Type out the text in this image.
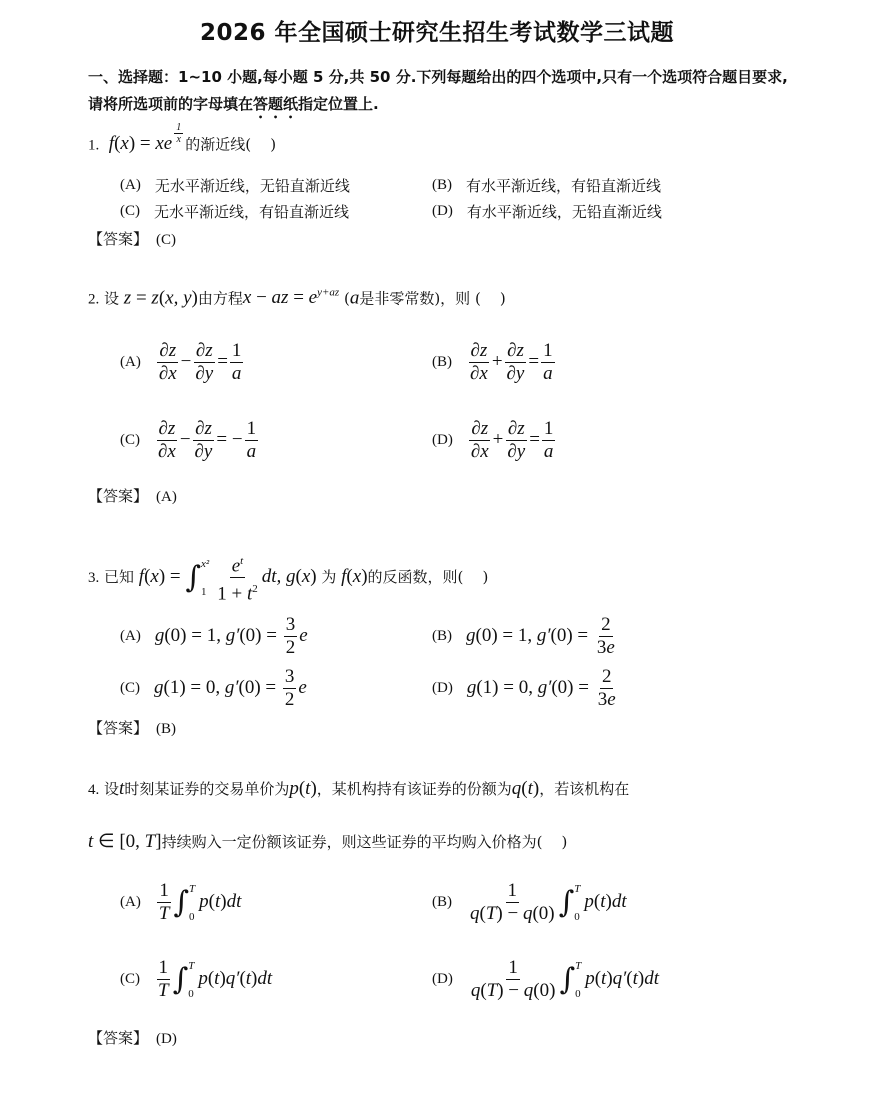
2026 年全国硕士研究生招生考试数学三试题
一、选择题：1~10 小题,每小题 5 分,共 50 分.下列每题给出的四个选项中,只有一个选项符合题目要求,请将所选项前的字母填在答题纸指定位置上.
1.  f(x) = xe $^{\frac{1}{x}}$ 的渐近线( )
(A) 无水平渐近线，无铅直渐近线	(B) 有水平渐近线，有铅直渐近线
(C) 无水平渐近线，有铅直渐近线	(D) 有水平渐近线，无铅直渐近线
【答案】 (C)
2. 设 z = z(x, y)由方程x − az = $e^{y+az}$ (a是非零常数)，则 ( )
$(A) \frac{\partial z}{\partial x} - \frac{\partial z}{\partial y} = \frac{1}{a}$	$(B) \frac{\partial z}{\partial x} + \frac{\partial z}{\partial y} = \frac{1}{a}$
$(C) \frac{\partial z}{\partial x} - \frac{\partial z}{\partial y}$ = − $\frac{1}{a}$	$(D) \frac{\partial z}{\partial x} + \frac{\partial z}{\partial y} = \frac{1}{a}$
【答案】 (A)
3. 已知 f(x) = ∫ x²
$1 \frac{e^t}{1 + t^2}$ dt, g(x) 为 f(x)的反函数，则( )
(A) g(0) = 1, $g'(0) = \frac{3}{2}$ e	(B) g(0) = 1, $g'(0) = \frac{2}{3e}$
(C) g(1) = 0, $g'(0) = \frac{3}{2}$ e	(D) g(1) = 0, $g'(0) = \frac{2}{3e}$
【答案】 (B)
4. 设t时刻某证券的交易单价为p(t)，某机构持有该证券的份额为q(t)，若该机构在
t ∈ [0, T]持续购入一定份额该证券，则这些证券的平均购入价格为( )
$(A) \frac{1}{T}$ ∫ T
0
p(t)dt	$(B) \frac{1}{q(T) - q(0)}$ ∫ T
0
p(t)dt
$(C) \frac{1}{T}$ ∫ T
0
p(t)q′(t)dt	$(D) \frac{1}{q(T) - q(0)}$ ∫ T
0
p(t)q′(t)dt
【答案】 (D)
